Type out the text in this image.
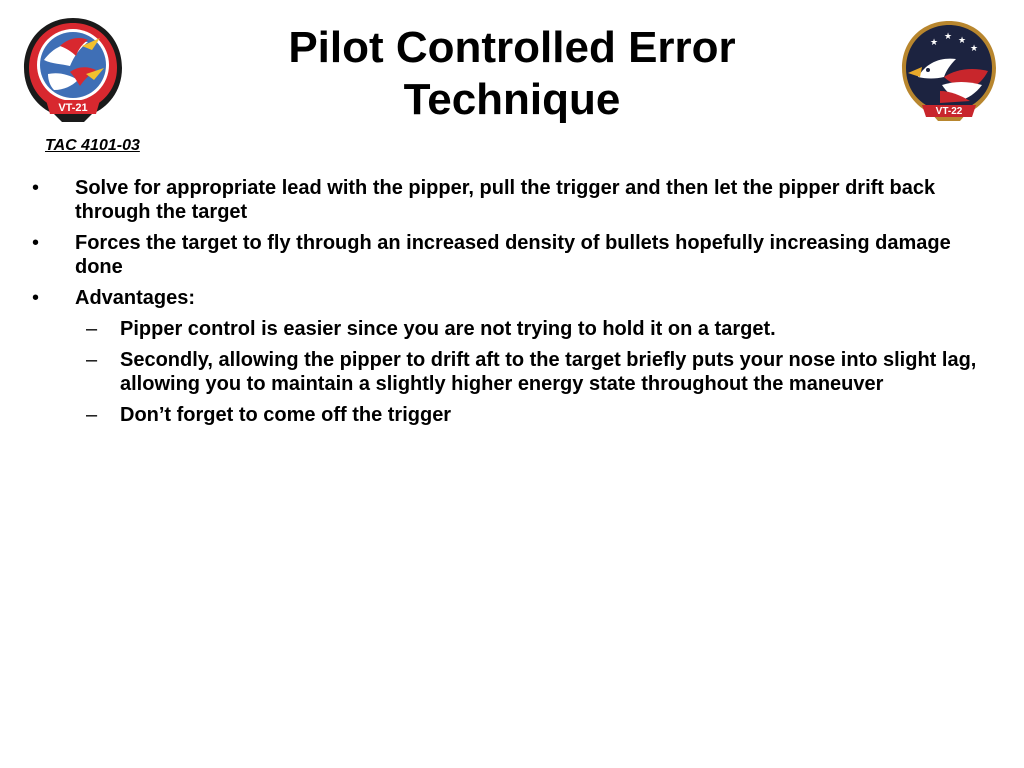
Pilot Controlled Error
Technique
VT-21
★
★ ★
★
VT-22
TAC 4101-03
• Solve for appropriate lead with the pipper, pull the trigger and then let the pipper drift back through the target
• Forces the target to fly through an increased density of bullets hopefully increasing damage done
• Advantages:
– Pipper control is easier since you are not trying to hold it on a target.
– Secondly, allowing the pipper to drift aft to the target briefly puts your nose into slight lag, allowing you to maintain a slightly higher energy state throughout the maneuver
– Don’t forget to come off the trigger
